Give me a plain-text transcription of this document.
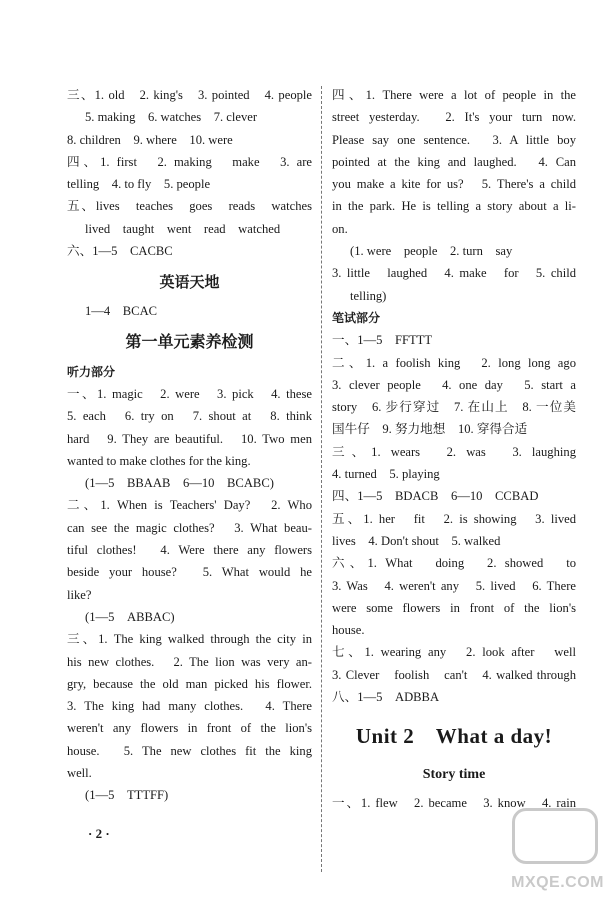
三、1. old　2. king's　3. pointed　4. people
5. making　6. watches　7. clever
8. children　9. where　10. were
四、1. first　2. making　make　3. are
telling　4. to fly　5. people
五、lives　teaches　goes　reads　watches
lived　taught　went　read　watched
六、1—5　CACBC
英语天地
1—4　BCAC
第一单元素养检测
听力部分
一、1. magic　2. were　3. pick　4. these
5. each　6. try on　7. shout at　8. think
hard　9. They are beautiful.　10. Two men
wanted to make clothes for the king.
(1—5　BBAAB　6—10　BCABC)
二、1. When is Teachers' Day?　2. Who
can see the magic clothes?　3. What beau-
tiful clothes!　4. Were there any flowers
beside your house?　5. What would he
like?
(1—5　ABBAC)
三、1. The king walked through the city in
his new clothes.　2. The lion was very an-
gry, because the old man picked his flower.
3. The king had many clothes.　4. There
weren't any flowers in front of the lion's
house.　5. The new clothes fit the king
well.
(1—5　TTTFF)
四、1. There were a lot of people in the
street yesterday.　2. It's your turn now.
Please say one sentence.　3. A little boy
pointed at the king and laughed.　4. Can
you make a kite for us?　5. There's a child
in the park. He is telling a story about a li-
on.
(1. were　people　2. turn　say
3. little　laughed　4. make　for　5. child
telling)
笔试部分
一、1—5　FFTTT
二、1. a foolish king　2. long long ago
3. clever people　4. one day　5. start a
story　6. 步行穿过　7. 在山上　8. 一位美
国牛仔　9. 努力地想　10. 穿得合适
三、1. wears　2. was　3. laughing
4. turned　5. playing
四、1—5　BDACB　6—10　CCBAD
五、1. her　fit　2. is showing　3. lived
lives　4. Don't shout　5. walked
六、1. What　doing　2. showed　to
3. Was　4. weren't any　5. lived　6. There
were some flowers in front of the lion's
house.
七、1. wearing any　2. look after　well
3. Clever　foolish　can't　4. walked through
八、1—5　ADBBA
Unit 2　What a day!
Story time
一、1. flew　2. became　3. know　4. rain
· 2 ·
MXQE.COM
